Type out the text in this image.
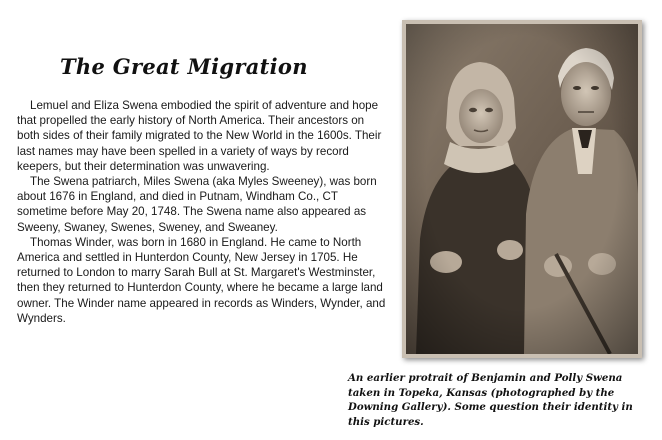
The Great Migration

Lemuel and Eliza Swena embodied the spirit of adventure and hope that propelled the early history of North America. Their ancestors on both sides of their family migrated to the New World in the 1600s. Their last names may have been spelled in a variety of ways by record keepers, but their determination was unwavering.

The Swena patriarch, Miles Swena (aka Myles Sweeney), was born about 1676 in England, and died in Putnam, Windham Co., CT sometime before May 20, 1748. The Swena name also appeared as Sweeny, Swaney, Swenes, Sweney, and Sweaney.

Thomas Winder, was born in 1680 in England. He came to North America and settled in Hunterdon County, New Jersey in 1705. He returned to London to marry Sarah Bull at St. Margaret's Westminster, then they returned to Hunterdon County, where he became a large land owner. The Winder name appeared in records as Winders, Wynder, and Wynders.

An earlier protrait of Benjamin and Polly Swena taken in Topeka, Kansas (photographed by the Downing Gallery). Some question their identity in this pictures.
